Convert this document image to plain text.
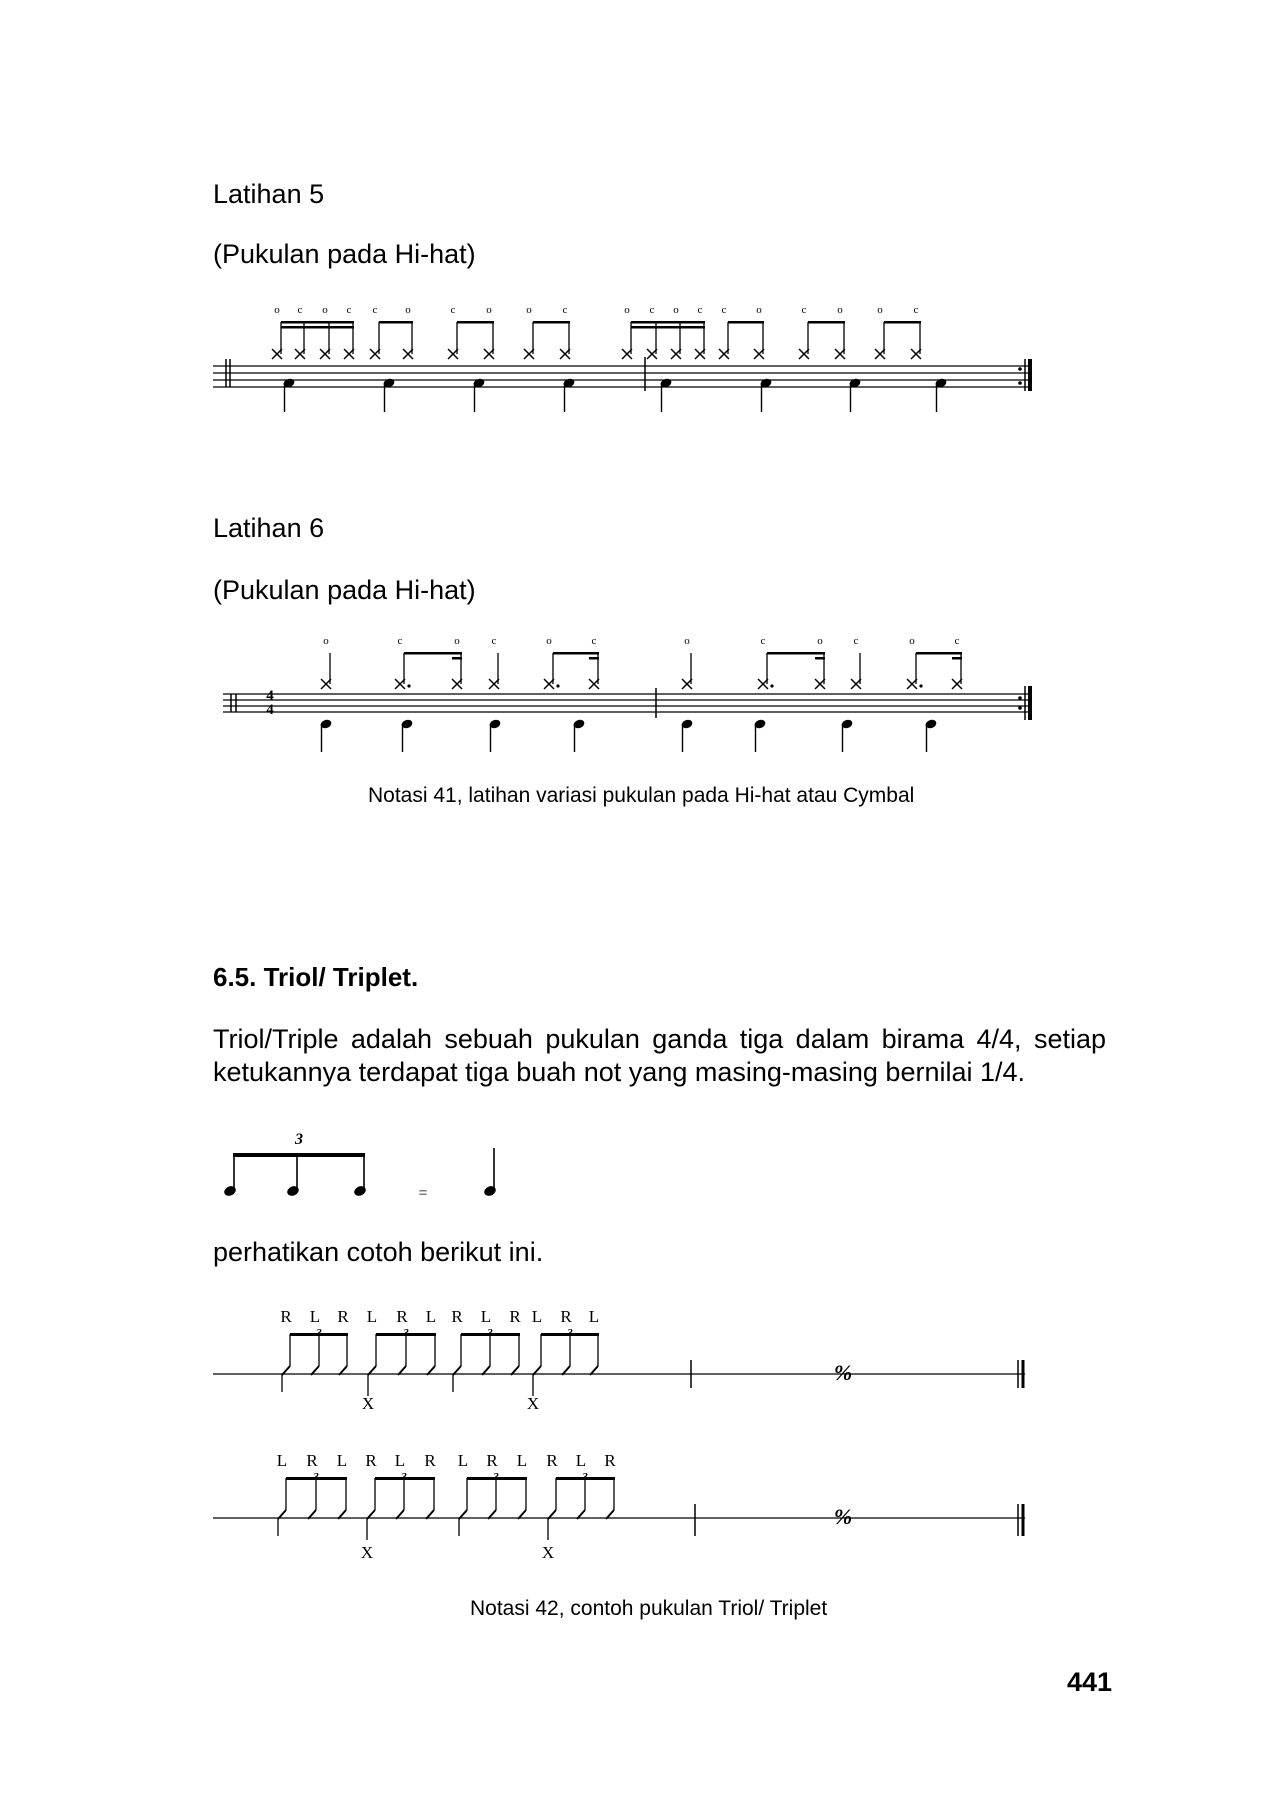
Latihan 5

(Pukulan pada Hi-hat)

o c o c c	o	c	o	o	c	o c o c c	o	c	o	o	c

Latihan 6

(Pukulan pada Hi-hat)

4
4
o	c	o	c	o	c	o	c	o	c	o	c

Notasi 41, latihan variasi pukulan pada Hi-hat atau Cymbal

6.5. Triol/ Triplet.

Triol/Triple adalah sebuah pukulan ganda tiga dalam birama 4/4, setiap ketukannya terdapat tiga buah not yang masing-masing bernilai 1/4.

3
=

perhatikan cotoh berikut ini.

%
R L R
3
L R L
3
R L R
3
L R L
3
X	X
%
L R L
3
R L R
3
L R L
3
R L R
3
X	X

Notasi 42, contoh pukulan Triol/ Triplet

441
